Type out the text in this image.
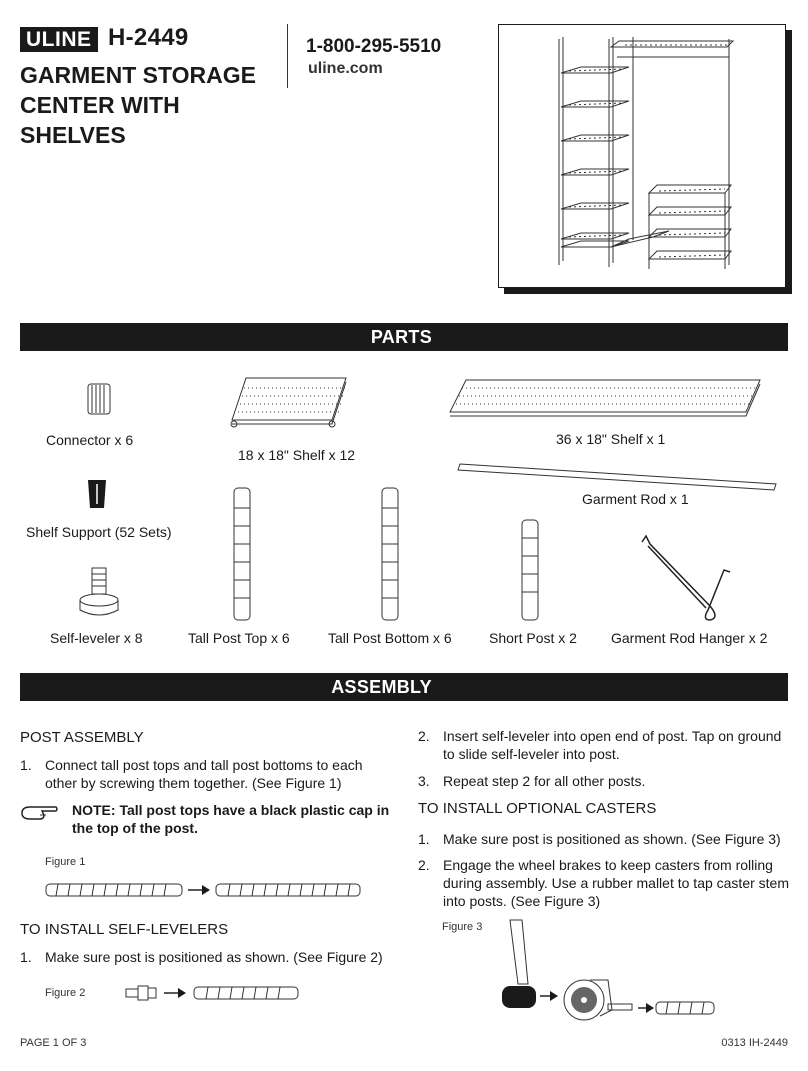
ULINE H-2449
GARMENT STORAGE CENTER WITH SHELVES
1-800-295-5510
uline.com
PARTS
Connector x 6
18 x 18" Shelf x 12
36 x 18" Shelf x 1
Shelf Support (52 Sets)
Garment Rod x 1
Self-leveler x 8	Tall Post Top x 6	Tall Post Bottom x 6	Short Post x 2 Garment Rod Hanger x 2
ASSEMBLY
POST ASSEMBLY
1. Connect tall post tops and tall post bottoms to each other by screwing them together. (See Figure 1)
NOTE: Tall post tops have a black plastic cap in the top of the post.
Figure 1
TO INSTALL SELF-LEVELERS
1. Make sure post is positioned as shown. (See Figure 2)
Figure 2
2. Insert self-leveler into open end of post. Tap on ground to slide self-leveler into post.
3. Repeat step 2 for all other posts.
TO INSTALL OPTIONAL CASTERS
1. Make sure post is positioned as shown. (See Figure 3)
2. Engage the wheel brakes to keep casters from rolling during assembly. Use a rubber mallet to tap caster stem into posts. (See Figure 3)
Figure 3
PAGE 1 OF 3	0313 IH-2449
